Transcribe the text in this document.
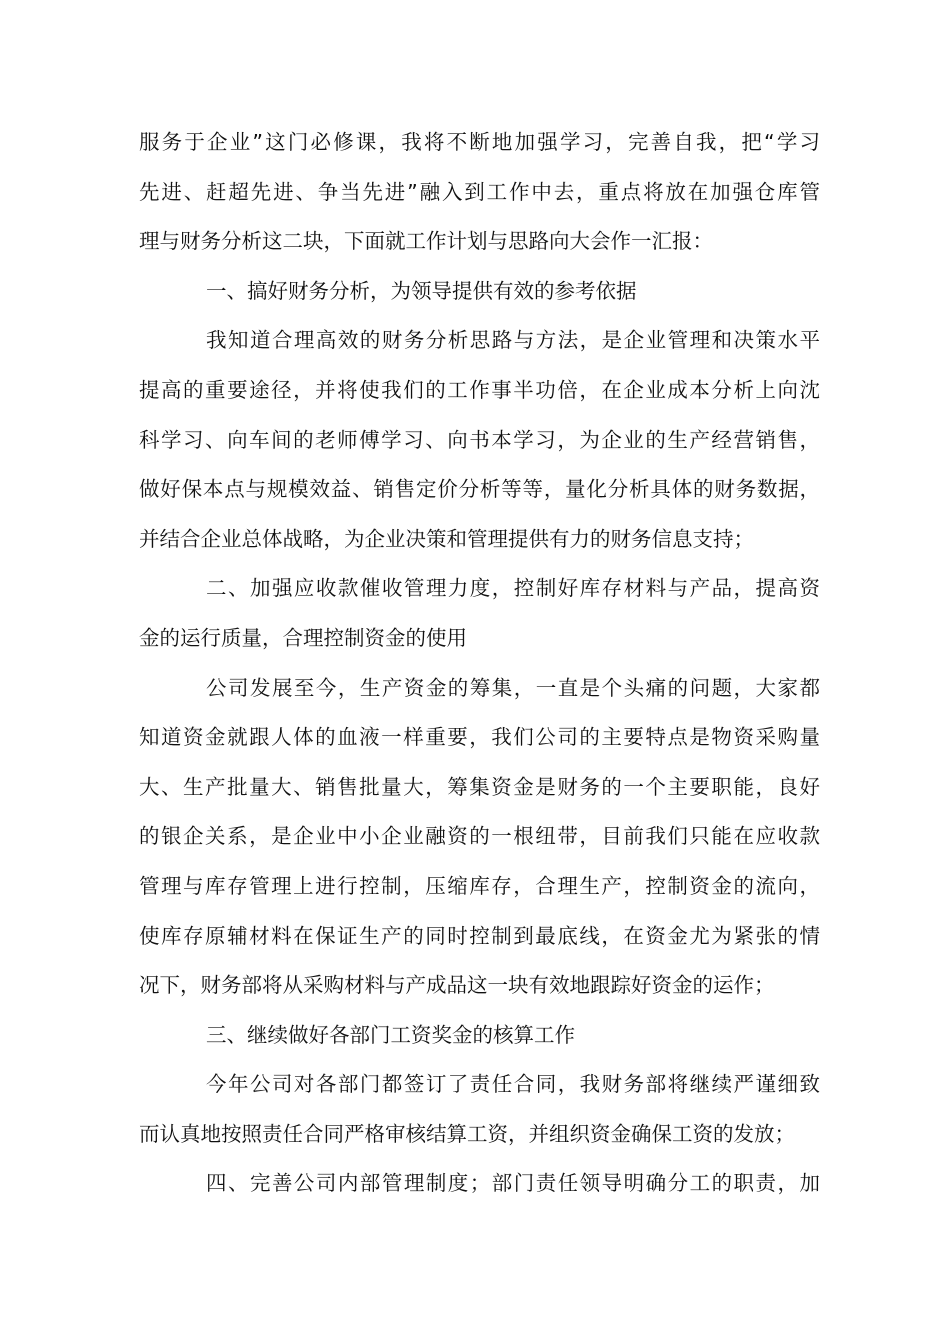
服务于企业”这门必修课，我将不断地加强学习，完善自我，把“学习
先进、赶超先进、争当先进”融入到工作中去，重点将放在加强仓库管
理与财务分析这二块，下面就工作计划与思路向大会作一汇报：
一、搞好财务分析，为领导提供有效的参考依据
我知道合理高效的财务分析思路与方法，是企业管理和决策水平
提高的重要途径，并将使我们的工作事半功倍，在企业成本分析上向沈
科学习、向车间的老师傅学习、向书本学习，为企业的生产经营销售，
做好保本点与规模效益、销售定价分析等等，量化分析具体的财务数据，
并结合企业总体战略，为企业决策和管理提供有力的财务信息支持；
二、加强应收款催收管理力度，控制好库存材料与产品，提高资
金的运行质量，合理控制资金的使用
公司发展至今，生产资金的筹集，一直是个头痛的问题，大家都
知道资金就跟人体的血液一样重要，我们公司的主要特点是物资采购量
大、生产批量大、销售批量大，筹集资金是财务的一个主要职能，良好
的银企关系，是企业中小企业融资的一根纽带，目前我们只能在应收款
管理与库存管理上进行控制，压缩库存，合理生产，控制资金的流向，
使库存原辅材料在保证生产的同时控制到最底线，在资金尤为紧张的情
况下，财务部将从采购材料与产成品这一块有效地跟踪好资金的运作；
三、继续做好各部门工资奖金的核算工作
今年公司对各部门都签订了责任合同，我财务部将继续严谨细致
而认真地按照责任合同严格审核结算工资，并组织资金确保工资的发放；
四、完善公司内部管理制度；部门责任领导明确分工的职责，加
